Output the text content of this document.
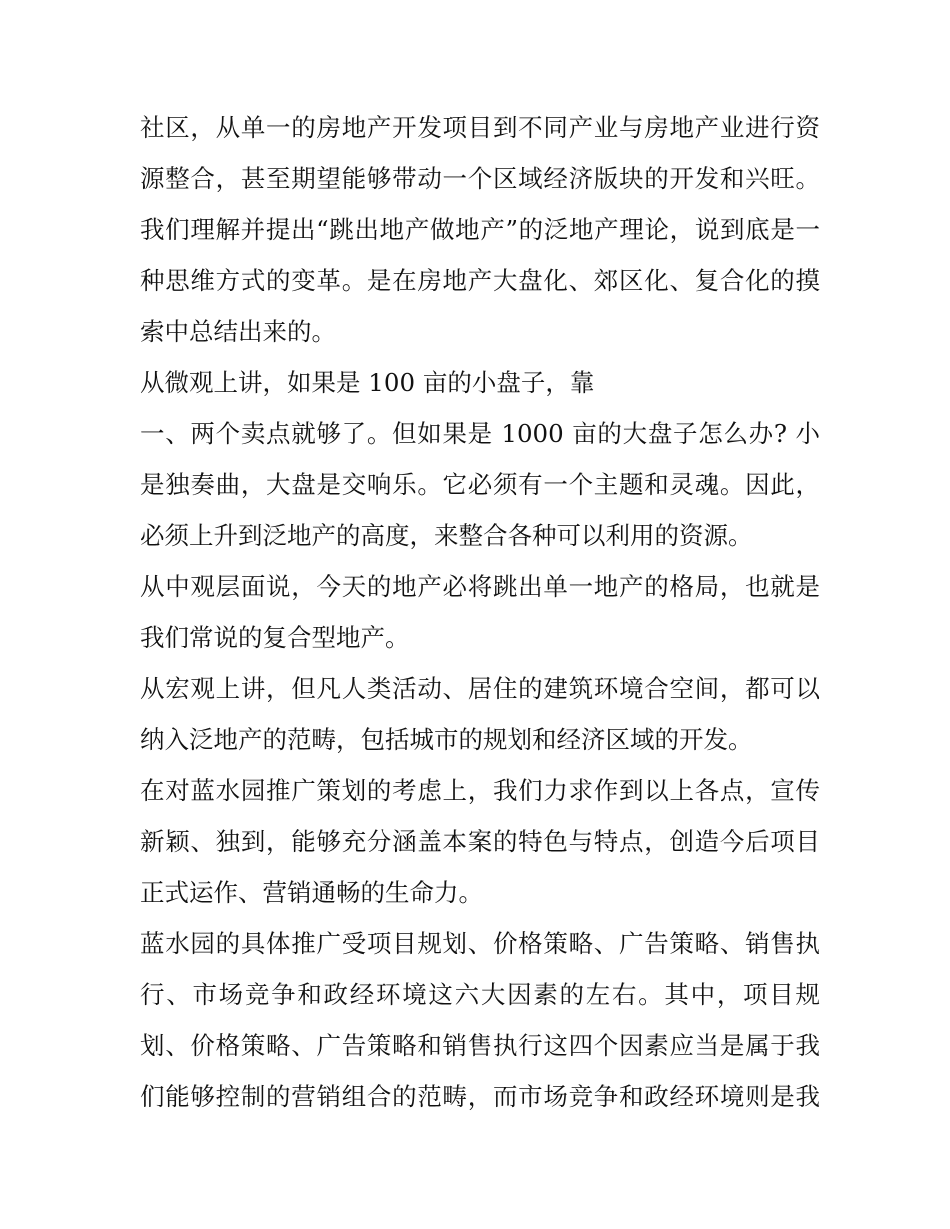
社区，从单一的房地产开发项目到不同产业与房地产业进行资
源整合，甚至期望能够带动一个区域经济版块的开发和兴旺。
我们理解并提出“跳出地产做地产”的泛地产理论，说到底是一
种思维方式的变革。是在房地产大盘化、郊区化、复合化的摸
索中总结出来的。
从微观上讲，如果是 100 亩的小盘子，靠
一、两个卖点就够了。但如果是 1000 亩的大盘子怎么办? 小
是独奏曲，大盘是交响乐。它必须有一个主题和灵魂。因此，
必须上升到泛地产的高度，来整合各种可以利用的资源。
从中观层面说，今天的地产必将跳出单一地产的格局，也就是
我们常说的复合型地产。
从宏观上讲，但凡人类活动、居住的建筑环境合空间，都可以
纳入泛地产的范畴，包括城市的规划和经济区域的开发。
在对蓝水园推广策划的考虑上，我们力求作到以上各点，宣传
新颖、独到，能够充分涵盖本案的特色与特点，创造今后项目
正式运作、营销通畅的生命力。
蓝水园的具体推广受项目规划、价格策略、广告策略、销售执
行、市场竞争和政经环境这六大因素的左右。其中，项目规
划、价格策略、广告策略和销售执行这四个因素应当是属于我
们能够控制的营销组合的范畴，而市场竞争和政经环境则是我
